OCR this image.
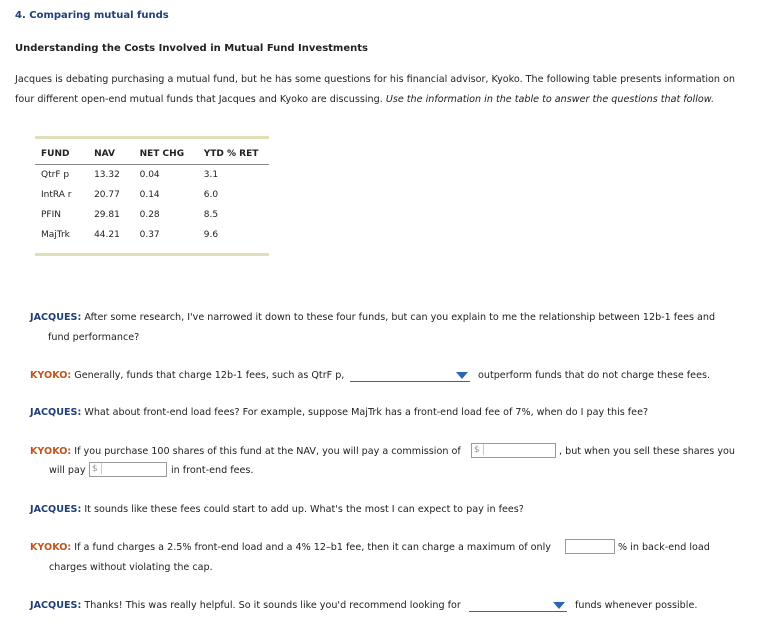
4. Comparing mutual funds
Understanding the Costs Involved in Mutual Fund Investments
Jacques is debating purchasing a mutual fund, but he has some questions for his financial advisor, Kyoko. The following table presents information on four different open-end mutual funds that Jacques and Kyoko are discussing. Use the information in the table to answer the questions that follow.
FUND	NAV	NET CHG	YTD % RET
QtrF p	13.32	0.04	3.1
IntRA r	20.77	0.14	6.0
PFIN	29.81	0.28	8.5
MajTrk	44.21	0.37	9.6
JACQUES: After some research, I've narrowed it down to these four funds, but can you explain to me the relationship between 12b-1 fees and
fund performance?
KYOKO: Generally, funds that charge 12b-1 fees, such as QtrF p,	outperform funds that do not charge these fees.
JACQUES: What about front-end load fees? For example, suppose MajTrk has a front-end load fee of 7%, when do I pay this fee?
KYOKO: If you purchase 100 shares of this fund at the NAV, you will pay a commission of	$	, but when you sell these shares you
will pay $	in front-end fees.
JACQUES: It sounds like these fees could start to add up. What's the most I can expect to pay in fees?
KYOKO: If a fund charges a 2.5% front-end load and a 4% 12–b1 fee, then it can charge a maximum of only	% in back-end load
charges without violating the cap.
JACQUES: Thanks! This was really helpful. So it sounds like you'd recommend looking for	funds whenever possible.
